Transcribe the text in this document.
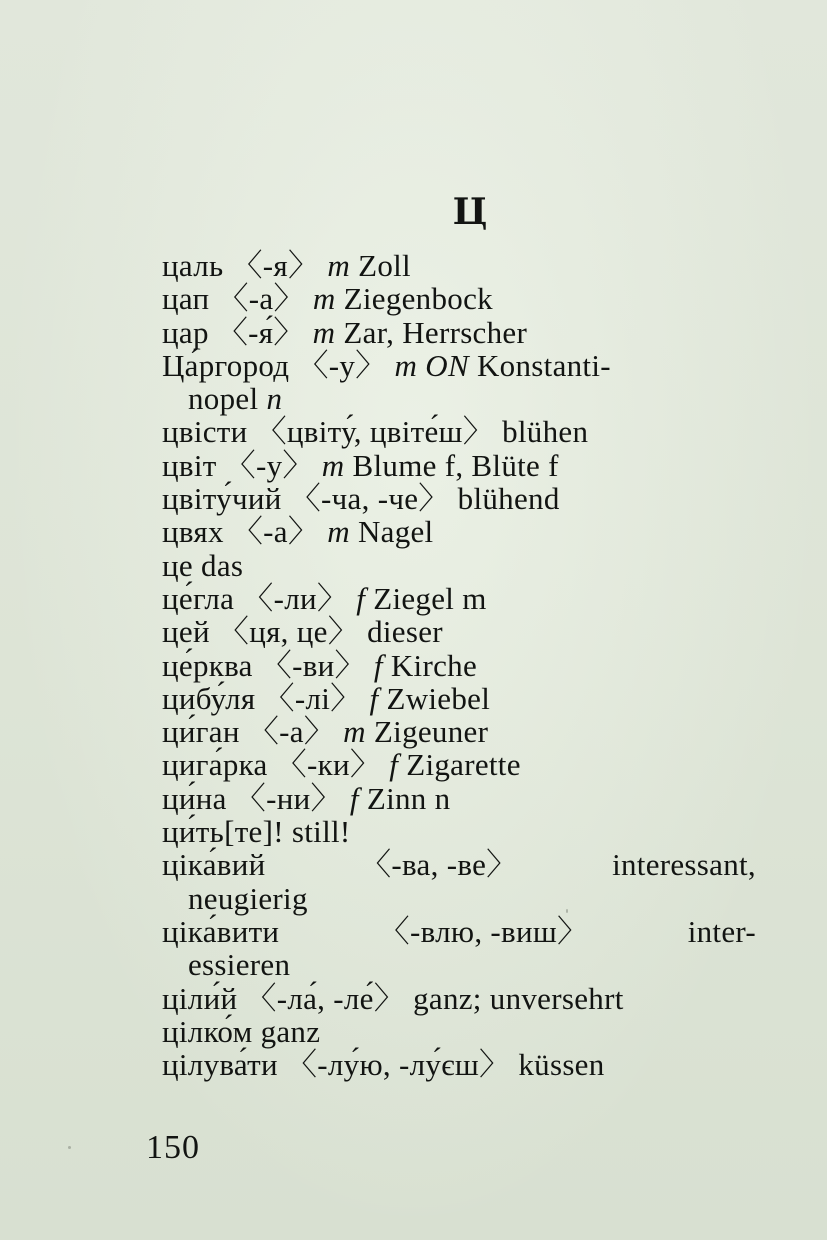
Ц
цаль 〈-я〉 m Zoll
цап 〈-а〉 m Ziegenbock
цар 〈-я́〉 m Zar, Herrscher
Ца́ргород 〈-у〉 m ON Konstanti-
nopel n
цвісти 〈цвіту́, цвіте́ш〉 blühen
цвіт 〈-у〉 m Blume f, Blüte f
цвіту́чий 〈-ча, -че〉 blühend
цвях 〈-а〉 m Nagel
це das
це́гла 〈-ли〉 f Ziegel m
цей 〈ця, це〉 dieser
це́рква 〈-ви〉 f Kirche
цибу́ля 〈-лі〉 f Zwiebel
ци́ган 〈-а〉 m Zigeuner
цига́рка 〈-ки〉 f Zigarette
ци́на 〈-ни〉 f Zinn n
ци́ть[те]! still!
ціка́вий	〈-ва, -ве〉	interessant,
neugierig
ціка́вити	〈-влю, -виш〉	inter-
essieren
ціли́й 〈-ла́, -ле́〉 ganz; unversehrt
цілко́м ganz
цілува́ти 〈-лу́ю, -лу́єш〉 küssen
150
